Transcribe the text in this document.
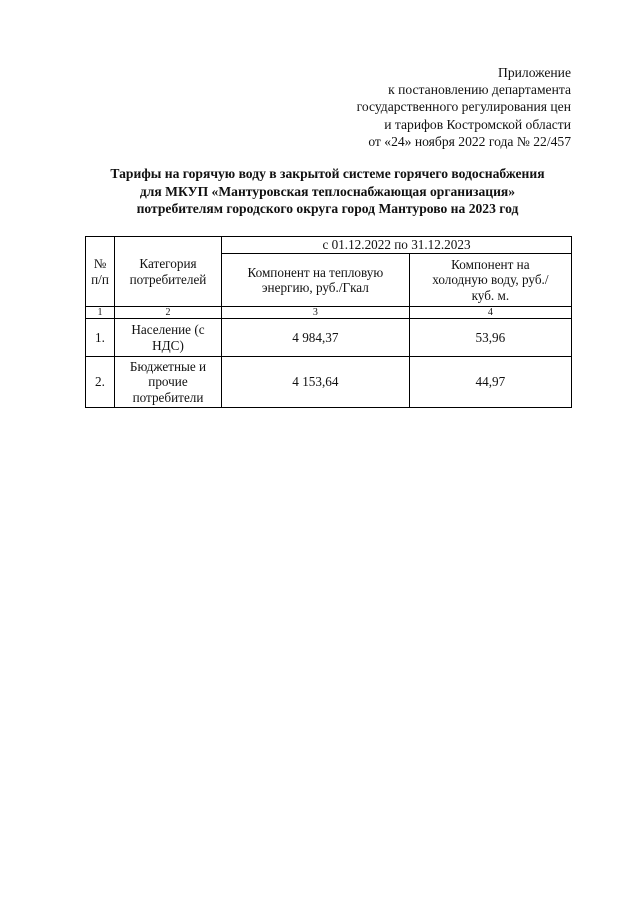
Приложение
к постановлению департамента
государственного регулирования цен
и тарифов Костромской области
от «24» ноября 2022 года № 22/457
Тарифы на горячую воду в закрытой системе горячего водоснабжения
для МКУП «Мантуровская теплоснабжающая организация»
потребителям городского округа город Мантурово на 2023 год
№ п/п	Категория потребителей	с 01.12.2022 по 31.12.2023	
		Компонент на тепловую энергию, руб./Гкал	Компонент на холодную воду, руб./куб. м.
1	2	3	4
1.	Население (с НДС)	4 984,37	53,96
2.	Бюджетные и прочие потребители	4 153,64	44,97
